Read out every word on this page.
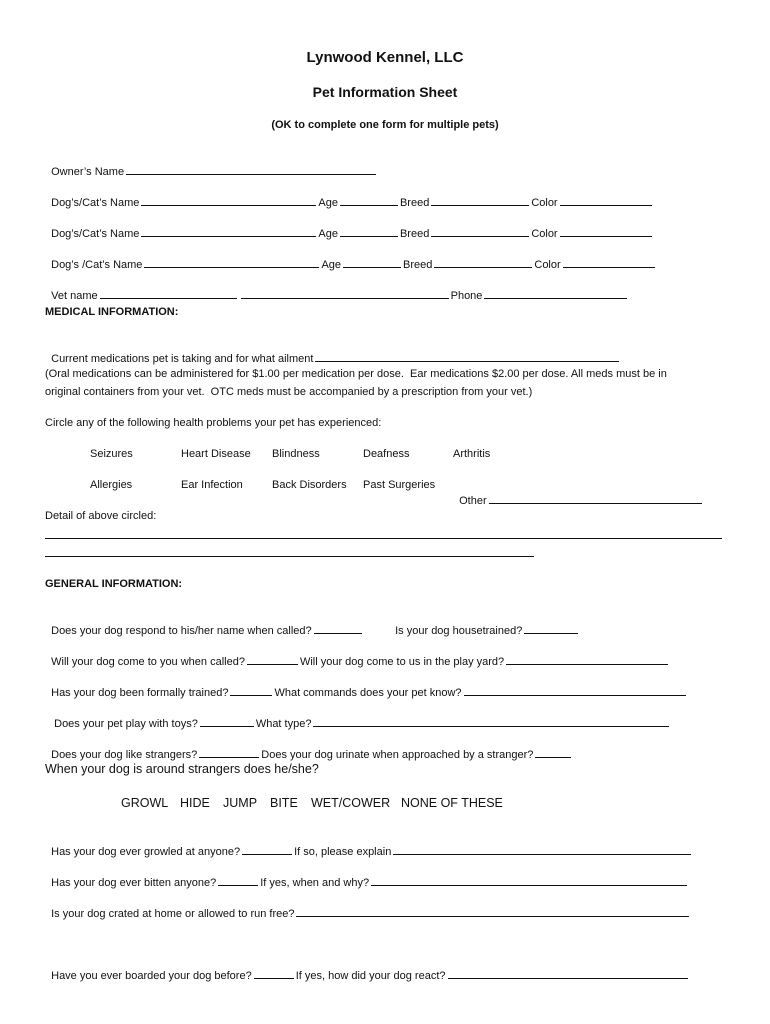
Lynwood Kennel, LLC
Pet Information Sheet
(OK to complete one form for multiple pets)

Owner’s Name

Dog’s/Cat’s Name	Age	Breed	Color

Dog’s/Cat’s Name	Age	Breed	Color

Dog’s /Cat’s Name	Age	Breed	Color

Vet name	Phone

MEDICAL INFORMATION:

Current medications pet is taking and for what ailment

(Oral medications can be administered for $1.00 per medication per dose.  Ear medications $2.00 per dose. All meds must be in
original containers from your vet.  OTC meds must be accompanied by a prescription from your vet.)
Circle any of the following health problems your pet has experienced:
Seizures	Heart Disease Blindness	Deafness	Arthritis
Allergies	Ear Infection	Back Disorders Past Surgeries

Other

Detail of above circled:
GENERAL INFORMATION:

Does your dog respond to his/her name when called?	Is your dog housetrained?

Will your dog come to you when called?	Will your dog come to us in the play yard?

Has your dog been formally trained?	What commands does your pet know?

Does your pet play with toys?	What type?

Does your dog like strangers?	Does your dog urinate when approached by a stranger?

When your dog is around strangers does he/she?
GROWL HIDE JUMP BITE WET/COWER NONE OF THESE

Has your dog ever growled at anyone?	If so, please explain

Has your dog ever bitten anyone?	If yes, when and why?

Is your dog crated at home or allowed to run free?

Have you ever boarded your dog before?	If yes, how did your dog react?
